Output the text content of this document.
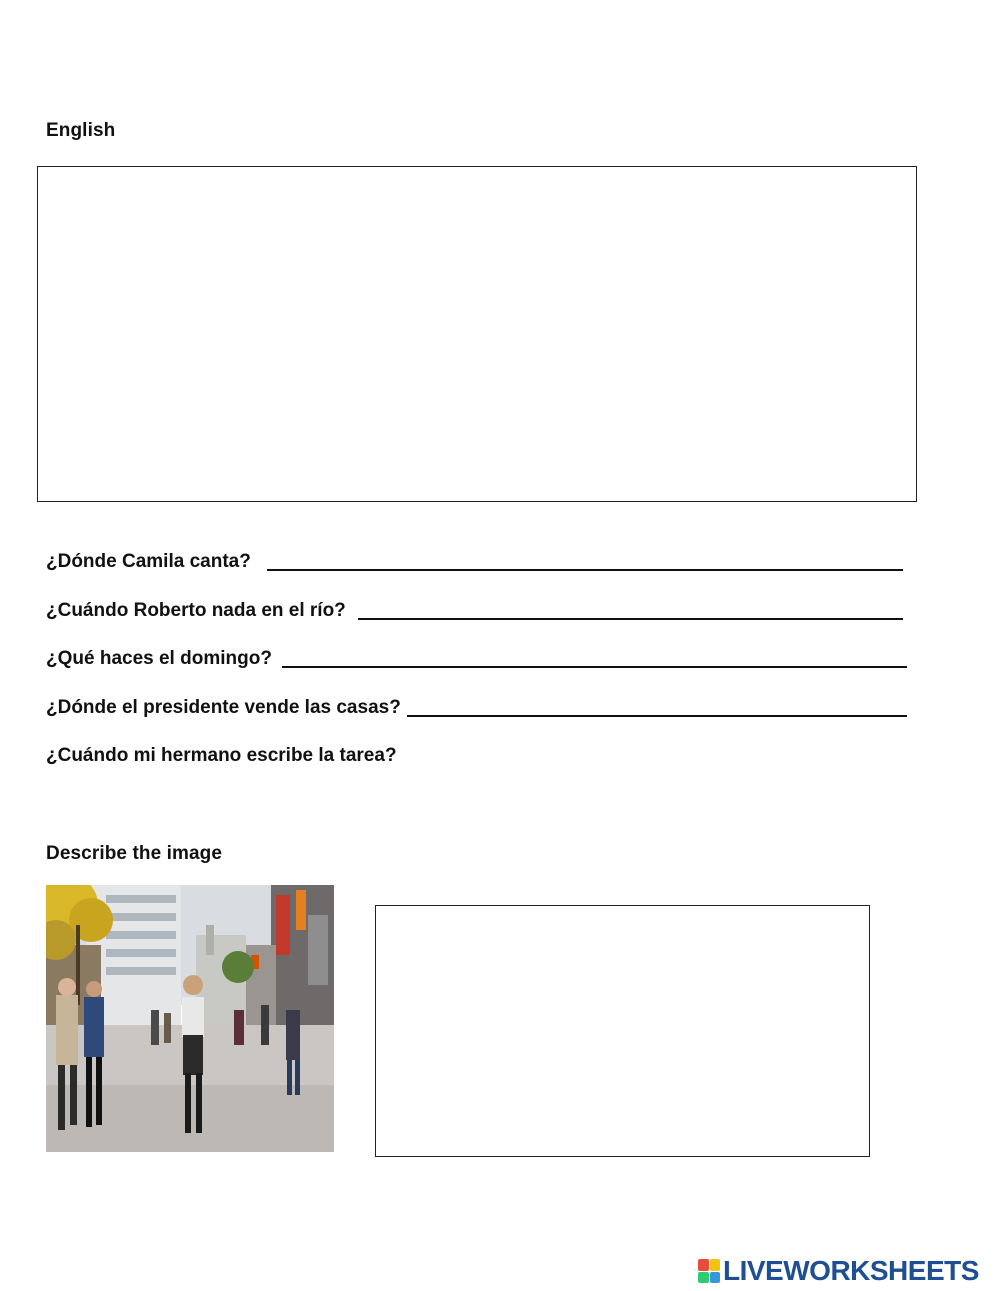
English
¿Dónde Camila canta?
¿Cuándo Roberto nada en el río?
¿Qué haces el domingo?
¿Dónde el presidente vende las casas?
¿Cuándo mi hermano escribe la tarea?
Describe the image
LIVEWORKSHEETS
